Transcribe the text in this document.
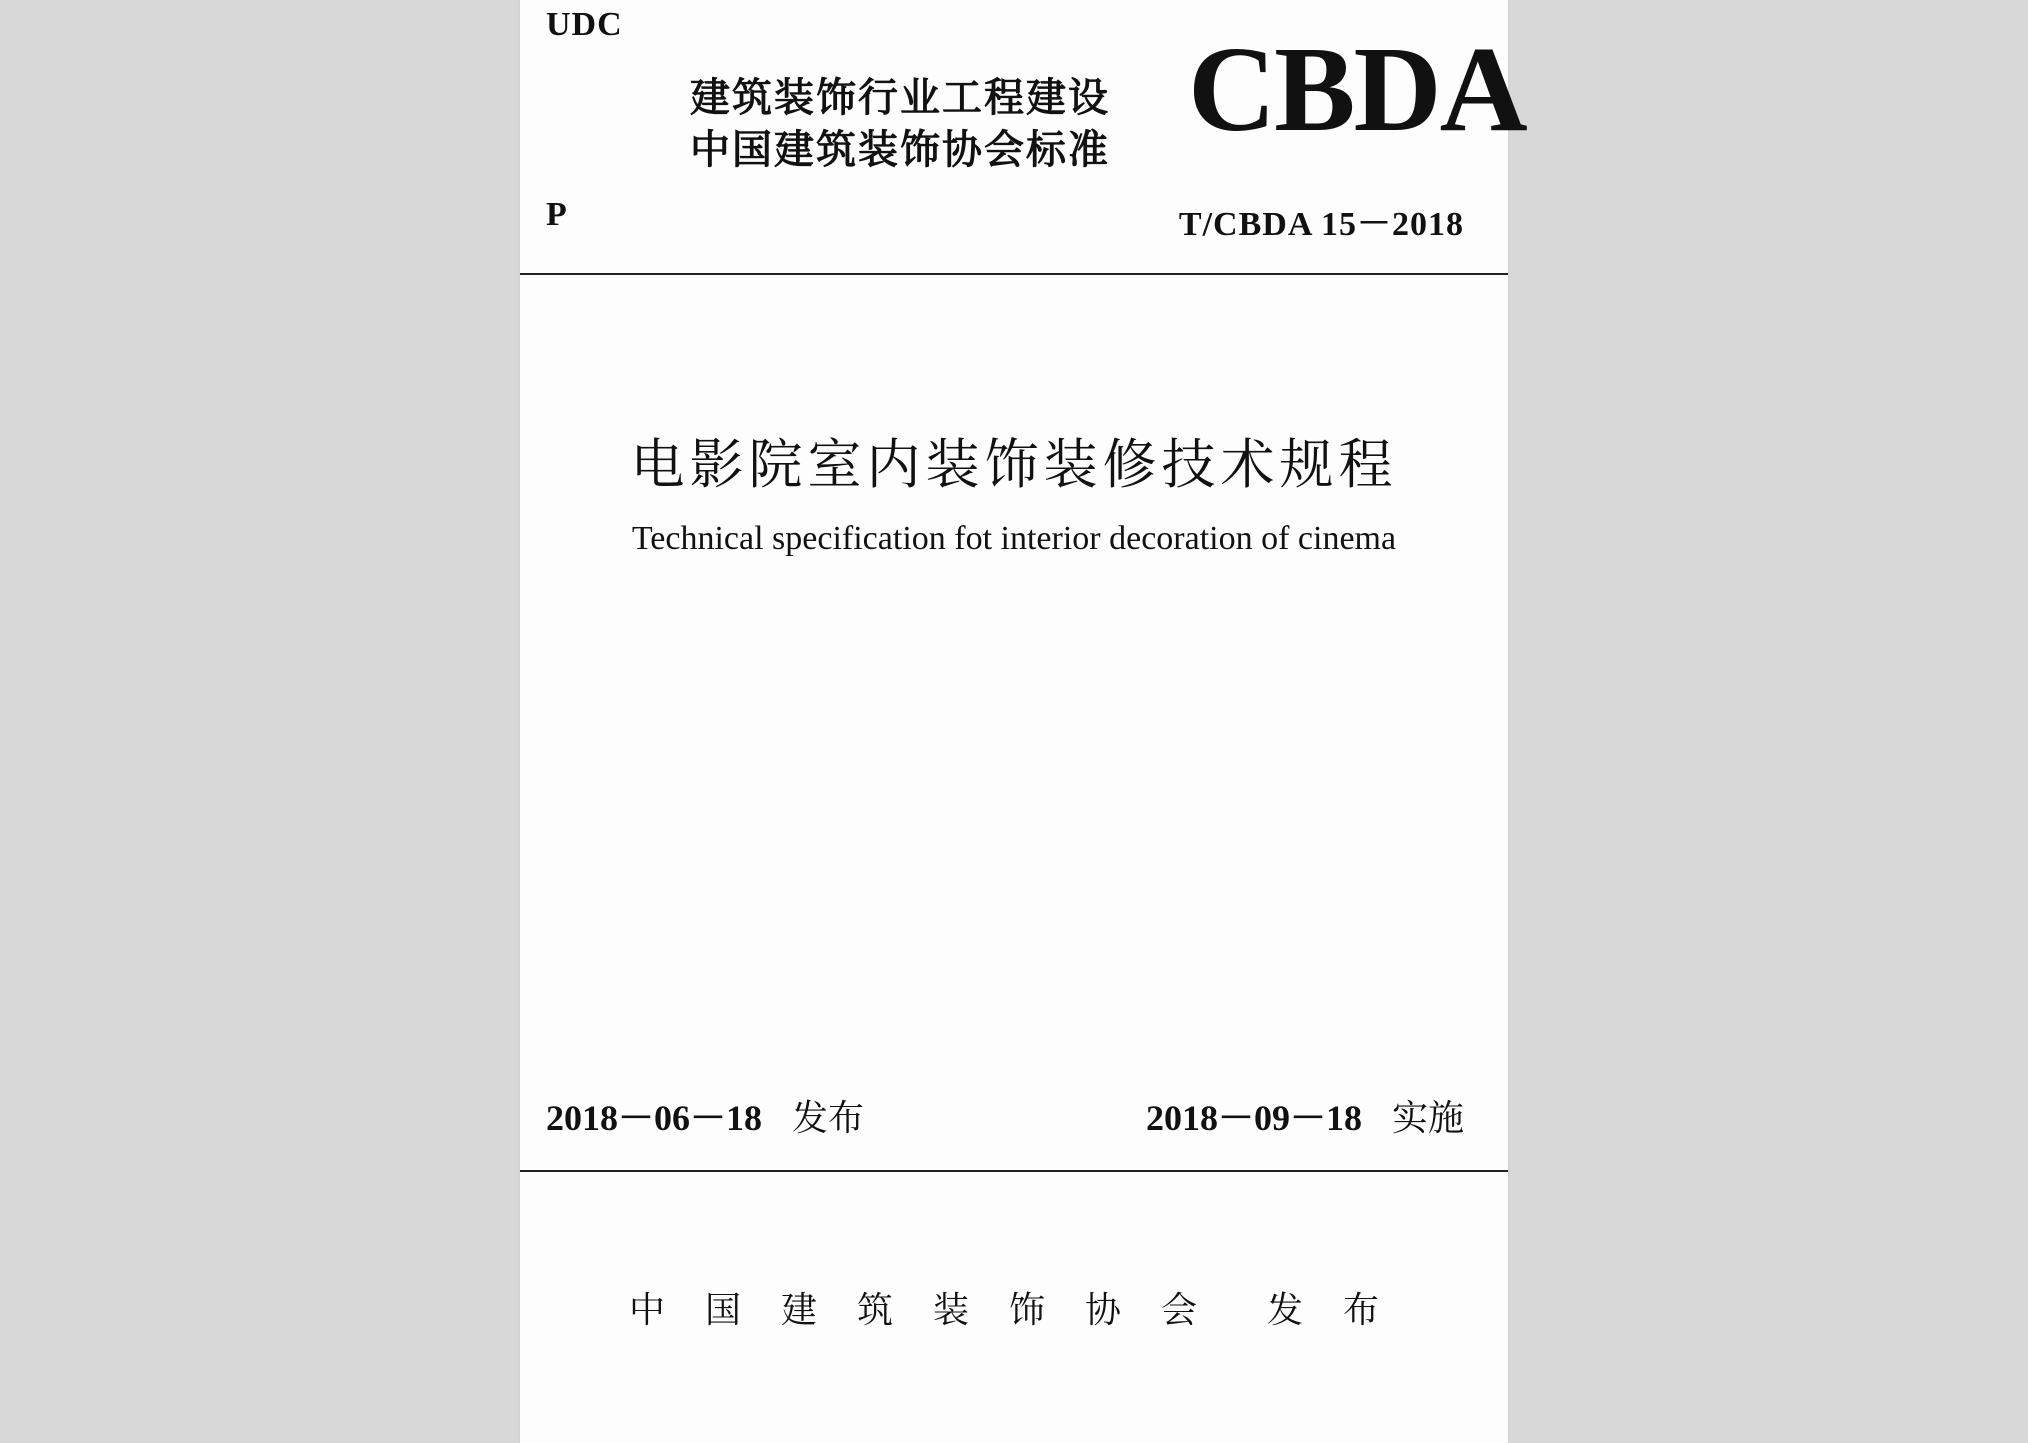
UDC
建筑装饰行业工程建设
中国建筑装饰协会标准 CBDA
P	T/CBDA 15－2018
电影院室内装饰装修技术规程
Technical specification fot interior decoration of cinema
2018－06－18 发布	2018－09－18 实施
中国建筑装饰协会 发布
